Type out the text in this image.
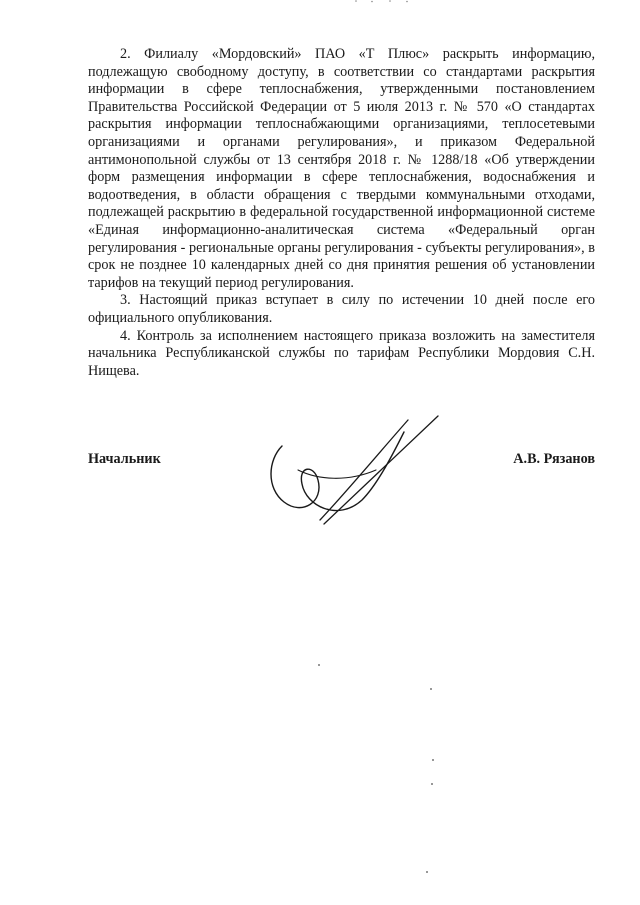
2. Филиалу «Мордовский» ПАО «Т Плюс» раскрыть информацию, подлежащую свободному доступу, в соответствии со стандартами раскрытия информации в сфере теплоснабжения, утвержденными постановлением Правительства Российской Федерации от 5 июля 2013 г. № 570 «О стандартах раскрытия информации теплоснабжающими организациями, теплосетевыми организациями и органами регулирования», и приказом Федеральной антимонопольной службы от 13 сентября 2018 г. № 1288/18 «Об утверждении форм размещения информации в сфере теплоснабжения, водоснабжения и водоотведения, в области обращения с твердыми коммунальными отходами, подлежащей раскрытию в федеральной государственной информационной системе «Единая информационно-аналитическая система «Федеральный орган регулирования - региональные органы регулирования - субъекты регулирования», в срок не позднее 10 календарных дней со дня принятия решения об установлении тарифов на текущий период регулирования.

3. Настоящий приказ вступает в силу по истечении 10 дней после его официального опубликования.

4. Контроль за исполнением настоящего приказа возложить на заместителя начальника Республиканской службы по тарифам Республики Мордовия С.Н. Нищева.

Начальник	А.В. Рязанов
